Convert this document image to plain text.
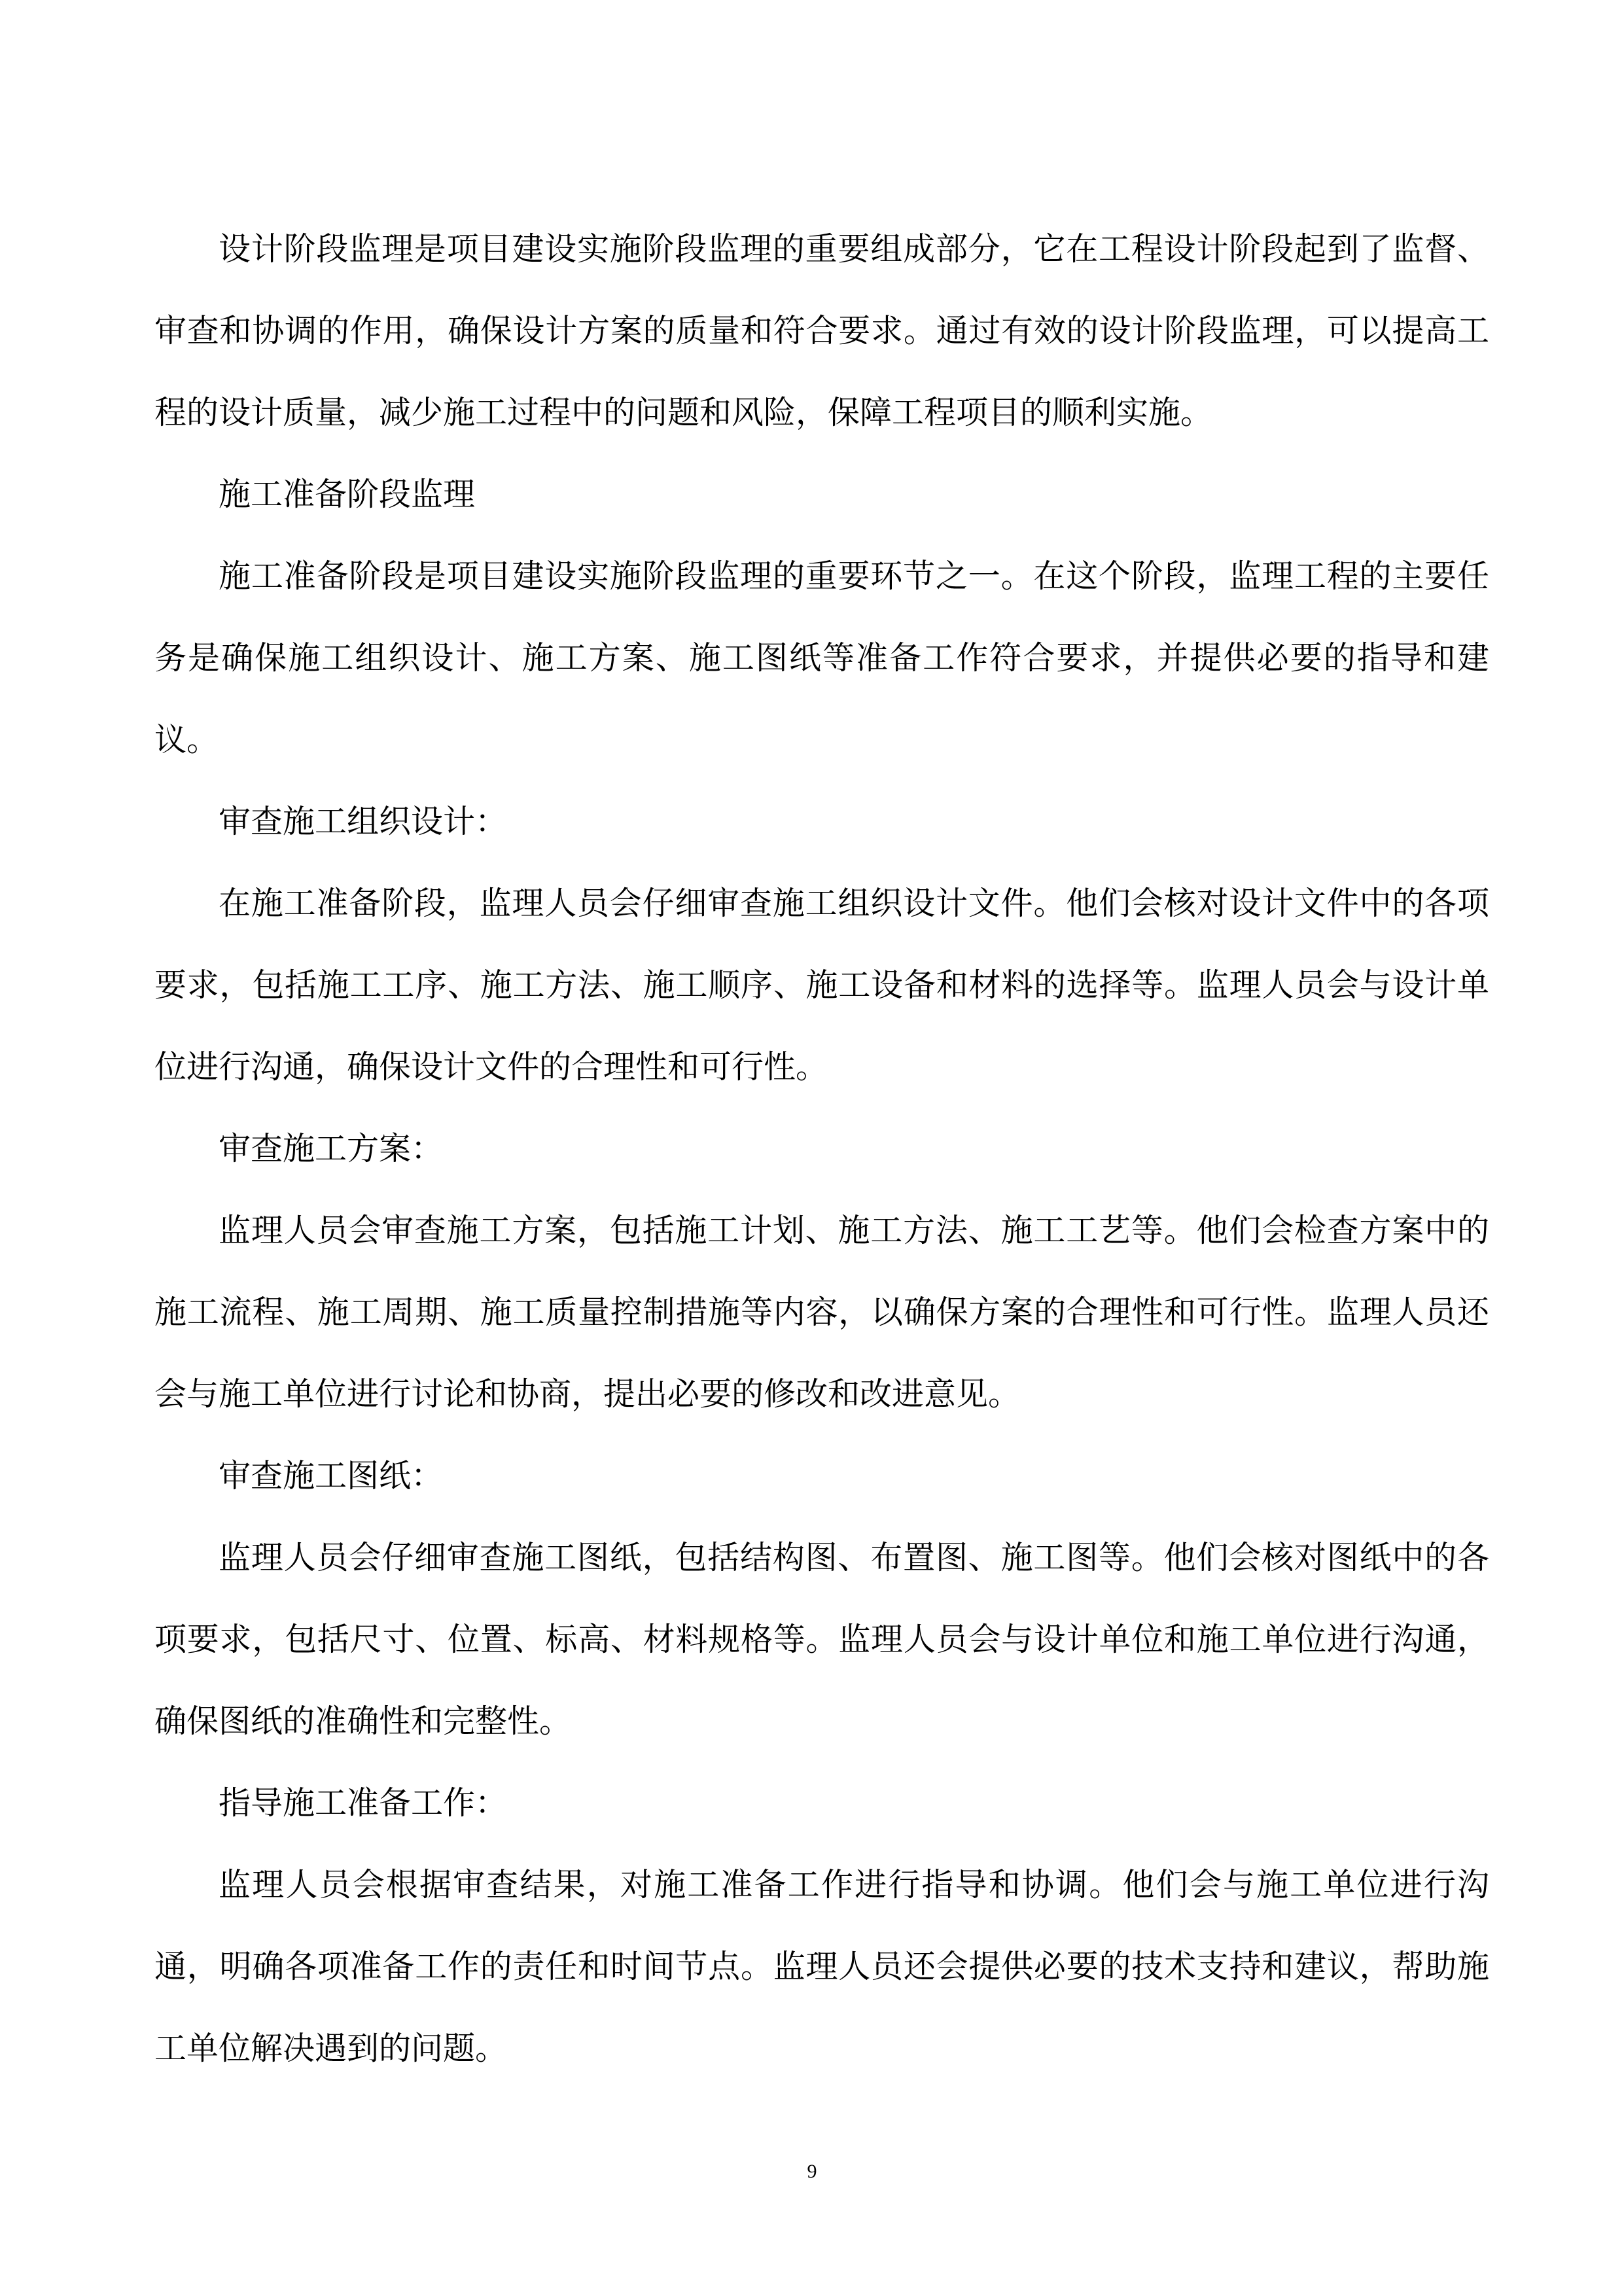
设计阶段监理是项目建设实施阶段监理的重要组成部分，它在工程设计阶段起到了监督、审查和协调的作用，确保设计方案的质量和符合要求。通过有效的设计阶段监理，可以提高工程的设计质量，减少施工过程中的问题和风险，保障工程项目的顺利实施。

施工准备阶段监理

施工准备阶段是项目建设实施阶段监理的重要环节之一。在这个阶段，监理工程的主要任务是确保施工组织设计、施工方案、施工图纸等准备工作符合要求，并提供必要的指导和建议。

审查施工组织设计：

在施工准备阶段，监理人员会仔细审查施工组织设计文件。他们会核对设计文件中的各项要求，包括施工工序、施工方法、施工顺序、施工设备和材料的选择等。监理人员会与设计单位进行沟通，确保设计文件的合理性和可行性。

审查施工方案：

监理人员会审查施工方案，包括施工计划、施工方法、施工工艺等。他们会检查方案中的施工流程、施工周期、施工质量控制措施等内容，以确保方案的合理性和可行性。监理人员还会与施工单位进行讨论和协商，提出必要的修改和改进意见。

审查施工图纸：

监理人员会仔细审查施工图纸，包括结构图、布置图、施工图等。他们会核对图纸中的各项要求，包括尺寸、位置、标高、材料规格等。监理人员会与设计单位和施工单位进行沟通，确保图纸的准确性和完整性。

指导施工准备工作：

监理人员会根据审查结果，对施工准备工作进行指导和协调。他们会与施工单位进行沟通，明确各项准备工作的责任和时间节点。监理人员还会提供必要的技术支持和建议，帮助施工单位解决遇到的问题。

9
